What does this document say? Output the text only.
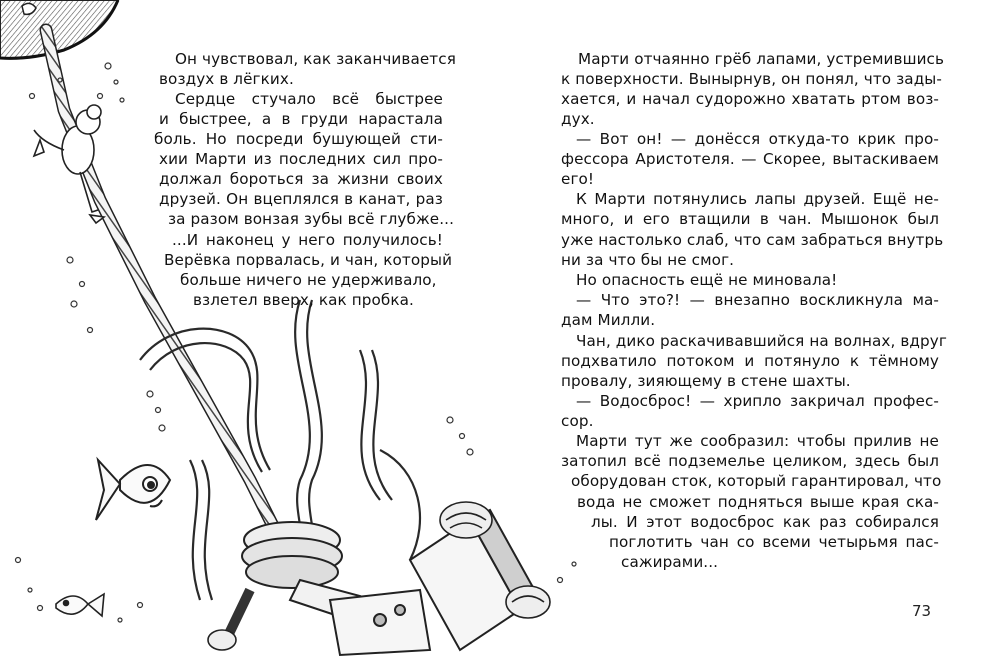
Он чувствовал, как заканчивается
воздух в лёгких.
Сердце стучало всё быстрее
и быстрее, а в груди нарастала
боль. Но посреди бушующей сти-
хии Марти из последних сил про-
должал бороться за жизни своих
друзей. Он вцеплялся в канат, раз
за разом вонзая зубы всё глубже...
...И наконец у него получилось!
Верёвка порвалась, и чан, который
больше ничего не удерживало,
взлетел вверх, как пробка.
Марти отчаянно грёб лапами, устремившись
к поверхности. Вынырнув, он понял, что зады-
хается, и начал судорожно хватать ртом воз-
дух.
— Вот он! — донёсся откуда-то крик про-
фессора Аристотеля. — Скорее, вытаскиваем
его!
К Марти потянулись лапы друзей. Ещё не-
много, и его втащили в чан. Мышонок был
уже настолько слаб, что сам забраться внутрь
ни за что бы не смог.
Но опасность ещё не миновала!
— Что это?! — внезапно воскликнула ма-
дам Милли.
Чан, дико раскачивавшийся на волнах, вдруг
подхватило потоком и потянуло к тёмному
провалу, зияющему в стене шахты.
— Водосброс! — хрипло закричал профес-
сор.
Марти тут же сообразил: чтобы прилив не
затопил всё подземелье целиком, здесь был
оборудован сток, который гарантировал, что
вода не сможет подняться выше края ска-
лы. И этот водосброс как раз собирался
поглотить чан со всеми четырьмя пас-
сажирами...
73
